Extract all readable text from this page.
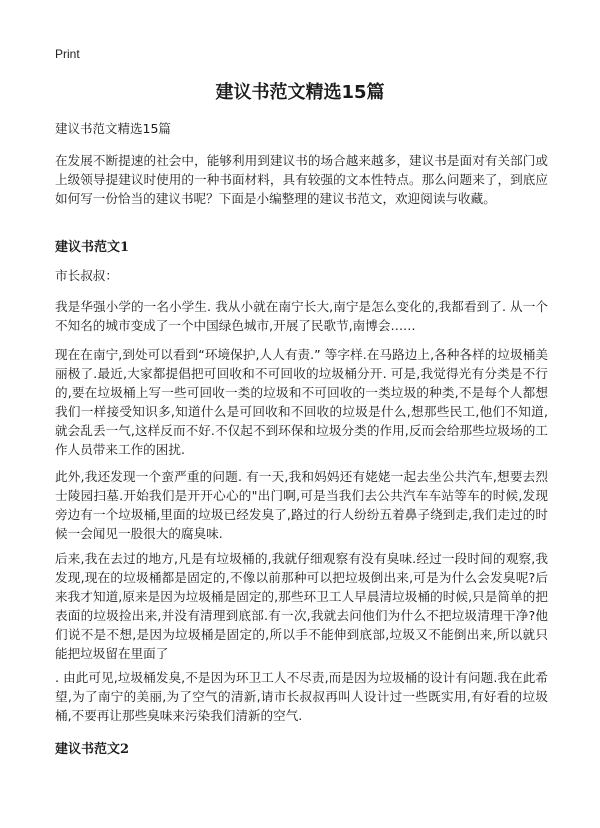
Print
建议书范文精选15篇
建议书范文精选15篇

在发展不断提速的社会中，能够利用到建议书的场合越来越多，建议书是面对有关部门或上级领导提建议时使用的一种书面材料，具有较强的文本性特点。那么问题来了，到底应如何写一份恰当的建议书呢？下面是小编整理的建议书范文，欢迎阅读与收藏。

建议书范文1

市长叔叔：

我是华强小学的一名小学生. 我从小就在南宁长大,南宁是怎么变化的,我都看到了. 从一个不知名的城市变成了一个中国绿色城市,开展了民歌节,南博会……

现在在南宁,到处可以看到“环境保护,人人有责.” 等字样.在马路边上,各种各样的垃圾桶美丽极了.最近,大家都提倡把可回收和不可回收的垃圾桶分开. 可是,我觉得光有分类是不行的,要在垃圾桶上写一些可回收一类的垃圾和不可回收的一类垃圾的种类,不是每个人都想我们一样接受知识多,知道什么是可回收和不回收的垃圾是什么,想那些民工,他们不知道,就会乱丢一气,这样反而不好.不仅起不到环保和垃圾分类的作用,反而会给那些垃圾场的工作人员带来工作的困扰.

此外,我还发现一个蛮严重的问题. 有一天,我和妈妈还有姥姥一起去坐公共汽车,想要去烈士陵园扫墓.开始我们是开开心心的"出门啊,可是当我们去公共汽车车站等车的时候,发现旁边有一个垃圾桶,里面的垃圾已经发臭了,路过的行人纷纷五着鼻子绕到走,我们走过的时候一会闻见一股很大的腐臭味.

后来,我在去过的地方,凡是有垃圾桶的,我就仔细观察有没有臭味.经过一段时间的观察,我发现,现在的垃圾桶都是固定的,不像以前那种可以把垃圾倒出来,可是为什么会发臭呢?后来我才知道,原来是因为垃圾桶是固定的,那些环卫工人早晨清垃圾桶的时候,只是简单的把表面的垃圾捡出来,并没有清理到底部.有一次,我就去问他们为什么不把垃圾清理干净?他们说不是不想,是因为垃圾桶是固定的,所以手不能伸到底部,垃圾又不能倒出来,所以就只能把垃圾留在里面了

. 由此可见,垃圾桶发臭,不是因为环卫工人不尽责,而是因为垃圾桶的设计有问题.我在此希望,为了南宁的美丽,为了空气的清新,请市长叔叔再叫人设计过一些既实用,有好看的垃圾桶,不要再让那些臭味来污染我们清新的空气.

建议书范文2
